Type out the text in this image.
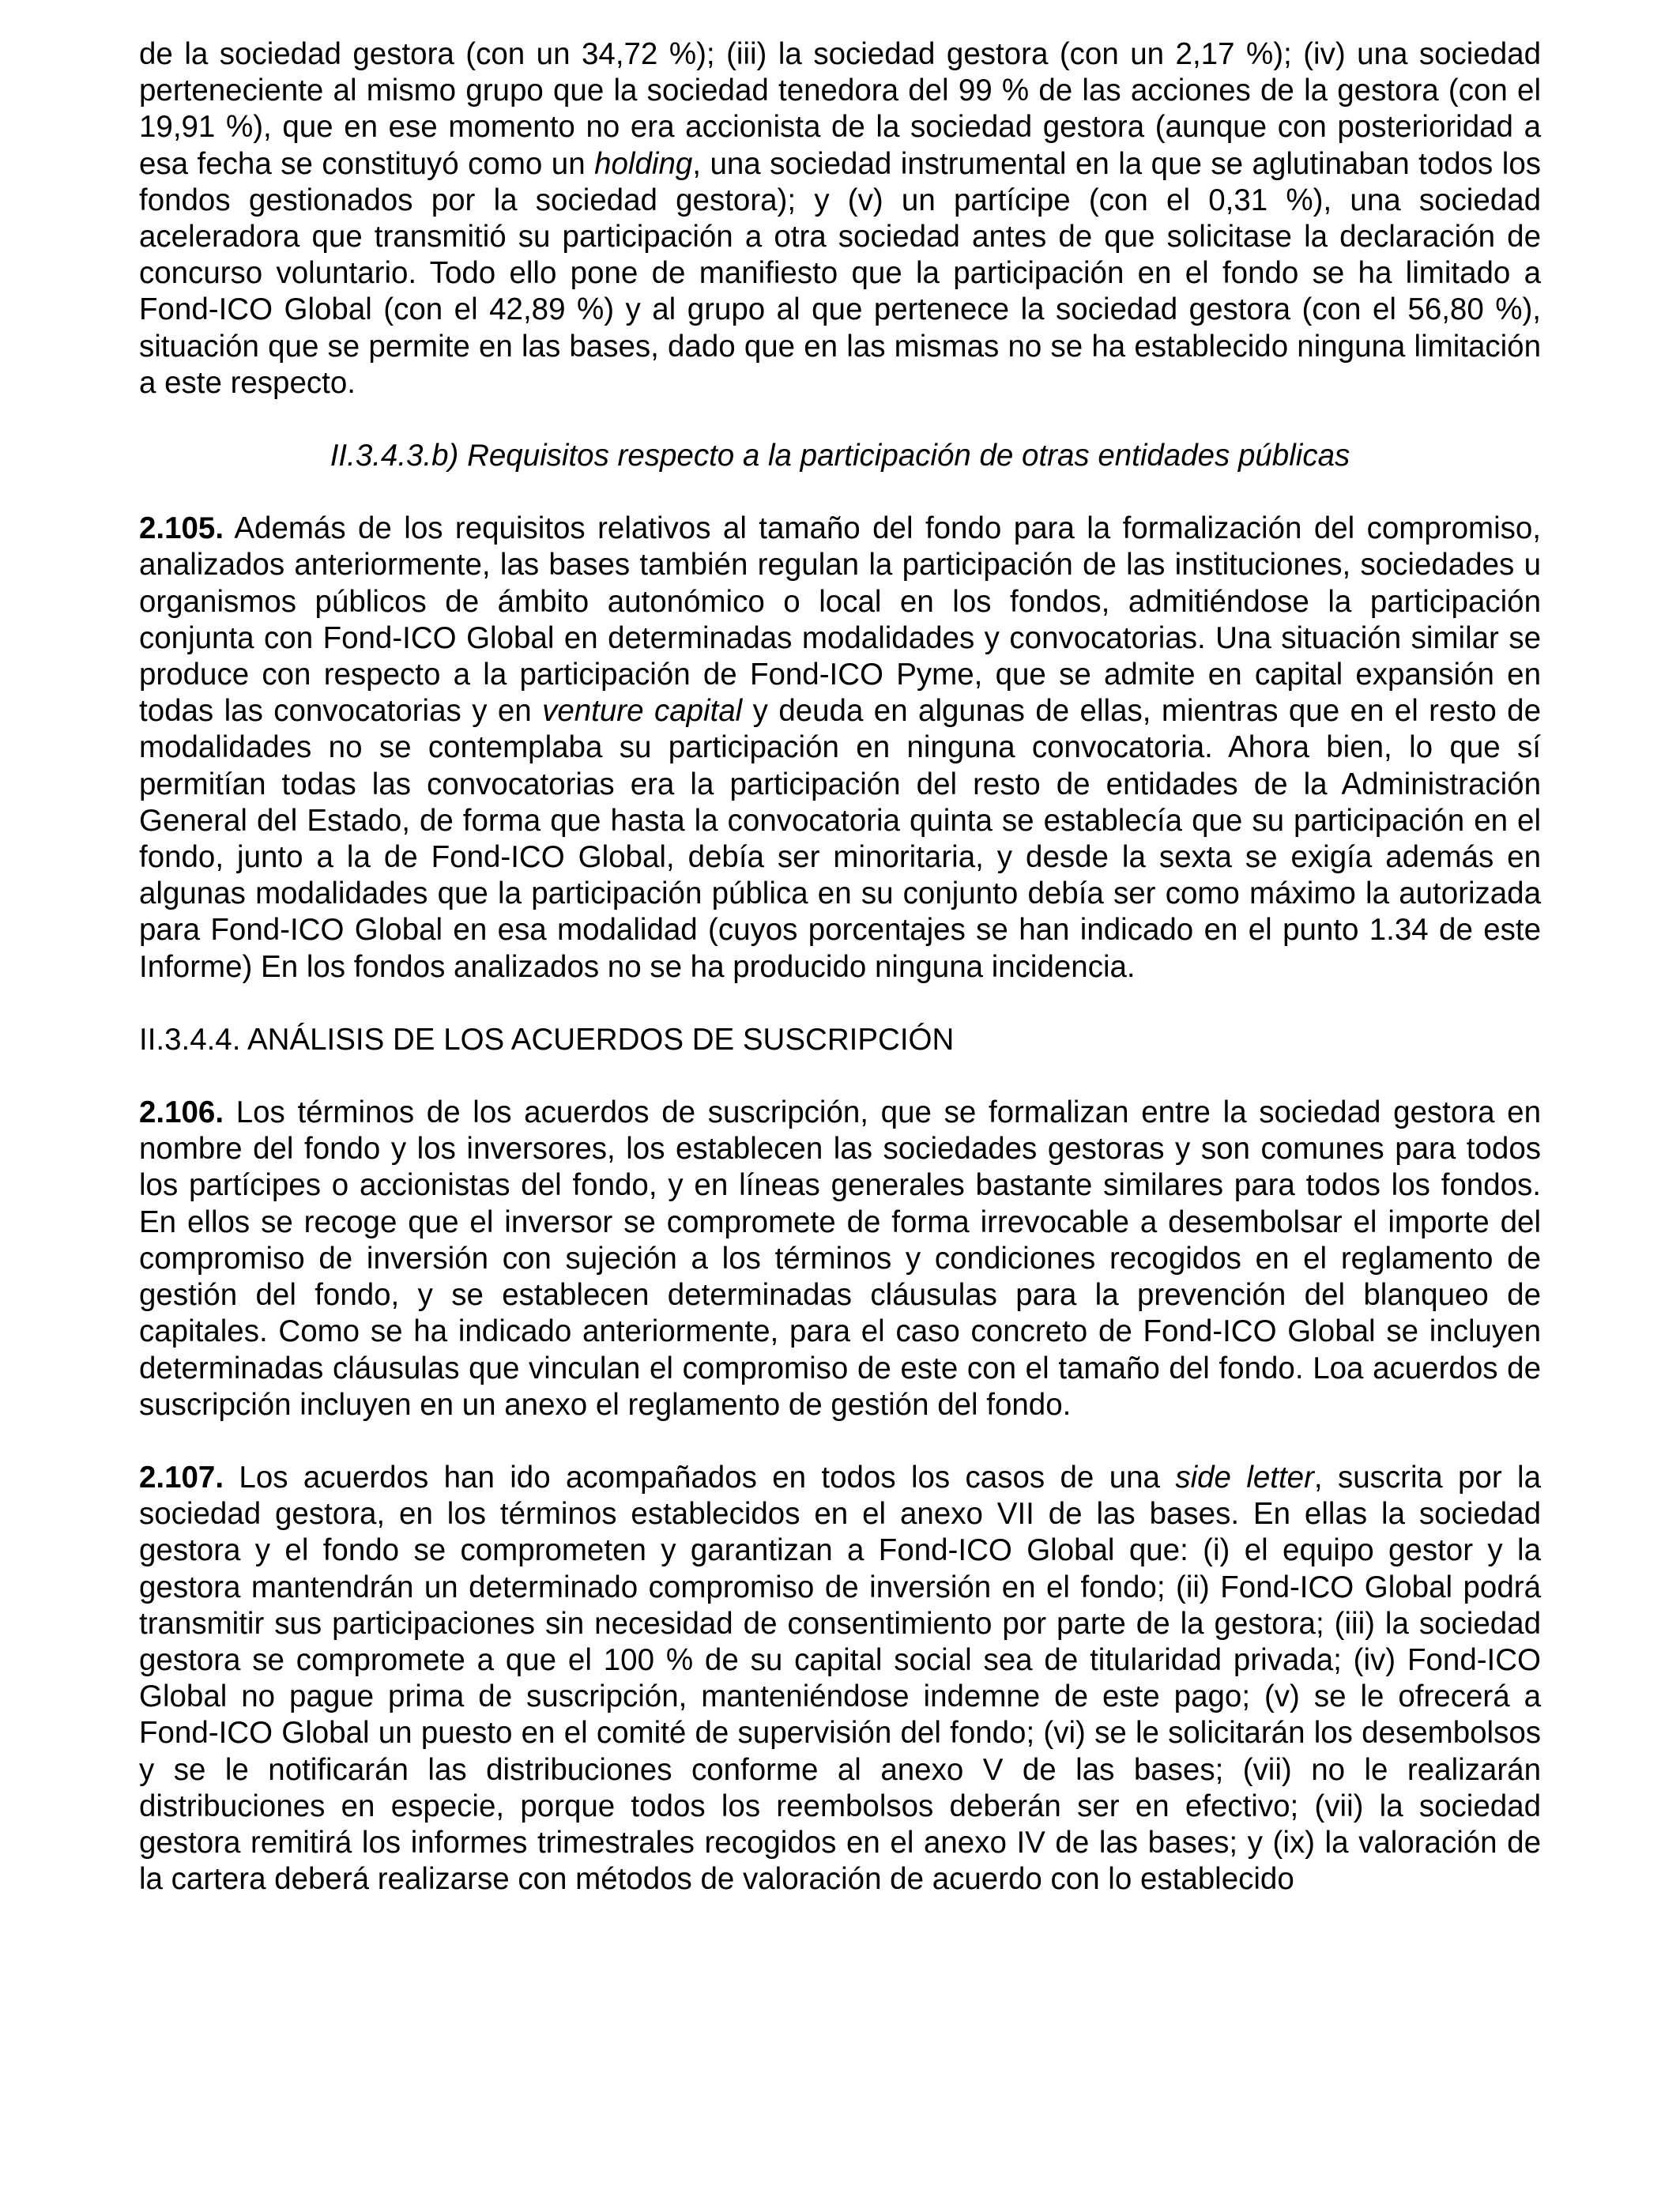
de la sociedad gestora (con un 34,72 %); (iii) la sociedad gestora (con un 2,17 %); (iv) una sociedad perteneciente al mismo grupo que la sociedad tenedora del 99 % de las acciones de la gestora (con el 19,91 %), que en ese momento no era accionista de la sociedad gestora (aunque con posterioridad a esa fecha se constituyó como un holding, una sociedad instrumental en la que se aglutinaban todos los fondos gestionados por la sociedad gestora); y (v) un partícipe (con el 0,31 %), una sociedad aceleradora que transmitió su participación a otra sociedad antes de que solicitase la declaración de concurso voluntario. Todo ello pone de manifiesto que la participación en el fondo se ha limitado a Fond-ICO Global (con el 42,89 %) y al grupo al que pertenece la sociedad gestora (con el 56,80 %), situación que se permite en las bases, dado que en las mismas no se ha establecido ninguna limitación a este respecto.

II.3.4.3.b) Requisitos respecto a la participación de otras entidades públicas

2.105. Además de los requisitos relativos al tamaño del fondo para la formalización del compromiso, analizados anteriormente, las bases también regulan la participación de las instituciones, sociedades u organismos públicos de ámbito autonómico o local en los fondos, admitiéndose la participación conjunta con Fond-ICO Global en determinadas modalidades y convocatorias. Una situación similar se produce con respecto a la participación de Fond-ICO Pyme, que se admite en capital expansión en todas las convocatorias y en venture capital y deuda en algunas de ellas, mientras que en el resto de modalidades no se contemplaba su participación en ninguna convocatoria. Ahora bien, lo que sí permitían todas las convocatorias era la participación del resto de entidades de la Administración General del Estado, de forma que hasta la convocatoria quinta se establecía que su participación en el fondo, junto a la de Fond-ICO Global, debía ser minoritaria, y desde la sexta se exigía además en algunas modalidades que la participación pública en su conjunto debía ser como máximo la autorizada para Fond-ICO Global en esa modalidad (cuyos porcentajes se han indicado en el punto 1.34 de este Informe) En los fondos analizados no se ha producido ninguna incidencia.

II.3.4.4. ANÁLISIS DE LOS ACUERDOS DE SUSCRIPCIÓN

2.106. Los términos de los acuerdos de suscripción, que se formalizan entre la sociedad gestora en nombre del fondo y los inversores, los establecen las sociedades gestoras y son comunes para todos los partícipes o accionistas del fondo, y en líneas generales bastante similares para todos los fondos. En ellos se recoge que el inversor se compromete de forma irrevocable a desembolsar el importe del compromiso de inversión con sujeción a los términos y condiciones recogidos en el reglamento de gestión del fondo, y se establecen determinadas cláusulas para la prevención del blanqueo de capitales. Como se ha indicado anteriormente, para el caso concreto de Fond-ICO Global se incluyen determinadas cláusulas que vinculan el compromiso de este con el tamaño del fondo. Loa acuerdos de suscripción incluyen en un anexo el reglamento de gestión del fondo.

2.107. Los acuerdos han ido acompañados en todos los casos de una side letter, suscrita por la sociedad gestora, en los términos establecidos en el anexo VII de las bases. En ellas la sociedad gestora y el fondo se comprometen y garantizan a Fond-ICO Global que: (i) el equipo gestor y la gestora mantendrán un determinado compromiso de inversión en el fondo; (ii) Fond-ICO Global podrá transmitir sus participaciones sin necesidad de consentimiento por parte de la gestora; (iii) la sociedad gestora se compromete a que el 100 % de su capital social sea de titularidad privada; (iv) Fond-ICO Global no pague prima de suscripción, manteniéndose indemne de este pago; (v) se le ofrecerá a Fond-ICO Global un puesto en el comité de supervisión del fondo; (vi) se le solicitarán los desembolsos y se le notificarán las distribuciones conforme al anexo V de las bases; (vii) no le realizarán distribuciones en especie, porque todos los reembolsos deberán ser en efectivo; (vii) la sociedad gestora remitirá los informes trimestrales recogidos en el anexo IV de las bases; y (ix) la valoración de la cartera deberá realizarse con métodos de valoración de acuerdo con lo establecido
